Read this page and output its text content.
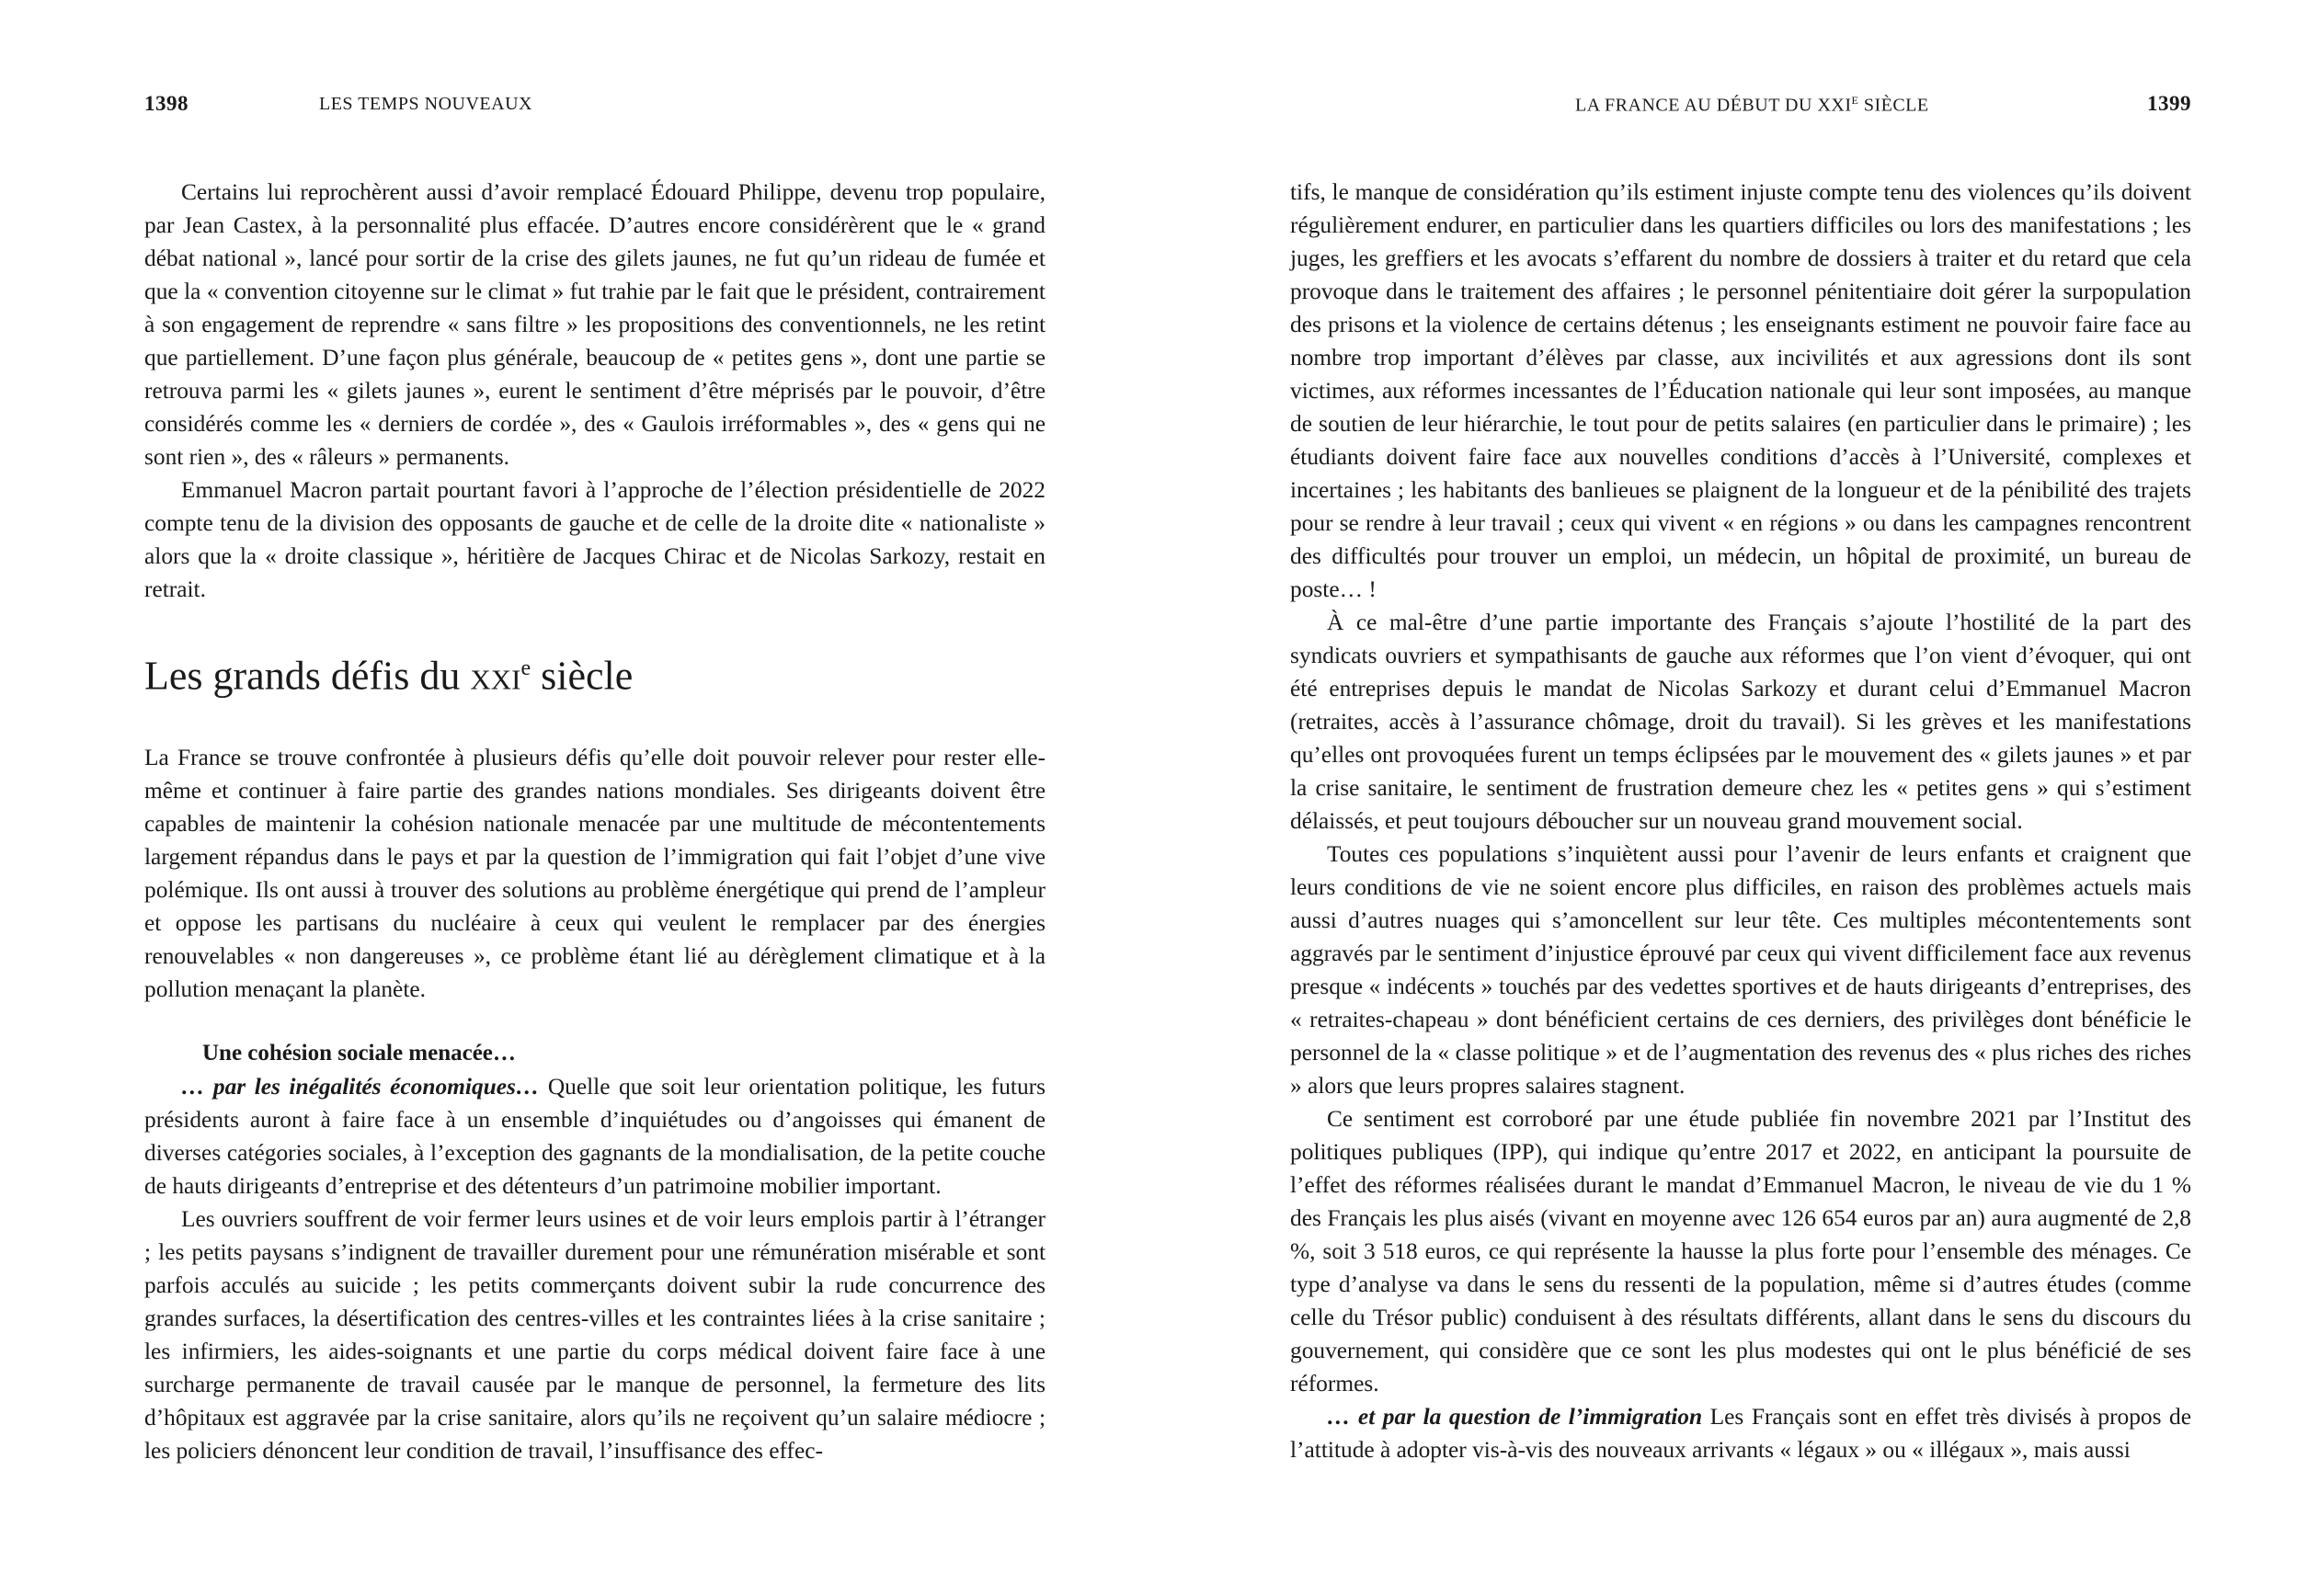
1398	LES TEMPS NOUVEAUX

Certains lui reprochèrent aussi d’avoir remplacé Édouard Philippe, devenu trop populaire, par Jean Castex, à la personnalité plus effacée. D’autres encore considérèrent que le « grand débat national », lancé pour sortir de la crise des gilets jaunes, ne fut qu’un rideau de fumée et que la « convention citoyenne sur le climat » fut trahie par le fait que le président, contrairement à son engagement de reprendre « sans filtre » les propositions des conventionnels, ne les retint que partiellement. D’une façon plus générale, beaucoup de « petites gens », dont une partie se retrouva parmi les « gilets jaunes », eurent le sentiment d’être méprisés par le pouvoir, d’être considérés comme les « derniers de cordée », des « Gaulois irréformables », des « gens qui ne sont rien », des « râleurs » permanents.

Emmanuel Macron partait pourtant favori à l’approche de l’élection présidentielle de 2022 compte tenu de la division des opposants de gauche et de celle de la droite dite « nationaliste » alors que la « droite classique », héritière de Jacques Chirac et de Nicolas Sarkozy, restait en retrait.

Les grands défis du xxi$^e$ siècle

La France se trouve confrontée à plusieurs défis qu’elle doit pouvoir relever pour rester elle-même et continuer à faire partie des grandes nations mondiales. Ses dirigeants doivent être capables de maintenir la cohésion nationale menacée par une multitude de mécontentements largement répandus dans le pays et par la question de l’immigration qui fait l’objet d’une vive polémique. Ils ont aussi à trouver des solutions au problème énergétique qui prend de l’ampleur et oppose les partisans du nucléaire à ceux qui veulent le remplacer par des énergies renouvelables « non dangereuses », ce problème étant lié au dérèglement climatique et à la pollution menaçant la planète.

Une cohésion sociale menacée…

… par les inégalités économiques… Quelle que soit leur orientation politique, les futurs présidents auront à faire face à un ensemble d’inquiétudes ou d’angoisses qui émanent de diverses catégories sociales, à l’exception des gagnants de la mondialisation, de la petite couche de hauts dirigeants d’entreprise et des détenteurs d’un patrimoine mobilier important.

Les ouvriers souffrent de voir fermer leurs usines et de voir leurs emplois partir à l’étranger ; les petits paysans s’indignent de travailler durement pour une rémunération misérable et sont parfois acculés au suicide ; les petits commerçants doivent subir la rude concurrence des grandes surfaces, la désertification des centres-villes et les contraintes liées à la crise sanitaire ; les infirmiers, les aides-soignants et une partie du corps médical doivent faire face à une surcharge permanente de travail causée par le manque de personnel, la fermeture des lits d’hôpitaux est aggravée par la crise sanitaire, alors qu’ils ne reçoivent qu’un salaire médiocre ; les policiers dénoncent leur condition de travail, l’insuffisance des effec-

LA FRANCE AU DÉBUT DU $XXI^E$ SIÈCLE	1399

tifs, le manque de considération qu’ils estiment injuste compte tenu des violences qu’ils doivent régulièrement endurer, en particulier dans les quartiers difficiles ou lors des manifestations ; les juges, les greffiers et les avocats s’effarent du nombre de dossiers à traiter et du retard que cela provoque dans le traitement des affaires ; le personnel pénitentiaire doit gérer la surpopulation des prisons et la violence de certains détenus ; les enseignants estiment ne pouvoir faire face au nombre trop important d’élèves par classe, aux incivilités et aux agressions dont ils sont victimes, aux réformes incessantes de l’Éducation nationale qui leur sont imposées, au manque de soutien de leur hiérarchie, le tout pour de petits salaires (en particulier dans le primaire) ; les étudiants doivent faire face aux nouvelles conditions d’accès à l’Université, complexes et incertaines ; les habitants des banlieues se plaignent de la longueur et de la pénibilité des trajets pour se rendre à leur travail ; ceux qui vivent « en régions » ou dans les campagnes rencontrent des difficultés pour trouver un emploi, un médecin, un hôpital de proximité, un bureau de poste… !

À ce mal-être d’une partie importante des Français s’ajoute l’hostilité de la part des syndicats ouvriers et sympathisants de gauche aux réformes que l’on vient d’évoquer, qui ont été entreprises depuis le mandat de Nicolas Sarkozy et durant celui d’Emmanuel Macron (retraites, accès à l’assurance chômage, droit du travail). Si les grèves et les manifestations qu’elles ont provoquées furent un temps éclipsées par le mouvement des « gilets jaunes » et par la crise sanitaire, le sentiment de frustration demeure chez les « petites gens » qui s’estiment délaissés, et peut toujours déboucher sur un nouveau grand mouvement social.

Toutes ces populations s’inquiètent aussi pour l’avenir de leurs enfants et craignent que leurs conditions de vie ne soient encore plus difficiles, en raison des problèmes actuels mais aussi d’autres nuages qui s’amoncellent sur leur tête. Ces multiples mécontentements sont aggravés par le sentiment d’injustice éprouvé par ceux qui vivent difficilement face aux revenus presque « indécents » touchés par des vedettes sportives et de hauts dirigeants d’entreprises, des « retraites-chapeau » dont bénéficient certains de ces derniers, des privilèges dont bénéficie le personnel de la « classe politique » et de l’augmentation des revenus des « plus riches des riches » alors que leurs propres salaires stagnent.

Ce sentiment est corroboré par une étude publiée fin novembre 2021 par l’Institut des politiques publiques (IPP), qui indique qu’entre 2017 et 2022, en anticipant la poursuite de l’effet des réformes réalisées durant le mandat d’Emmanuel Macron, le niveau de vie du 1 % des Français les plus aisés (vivant en moyenne avec 126 654 euros par an) aura augmenté de 2,8 %, soit 3 518 euros, ce qui représente la hausse la plus forte pour l’ensemble des ménages. Ce type d’analyse va dans le sens du ressenti de la population, même si d’autres études (comme celle du Trésor public) conduisent à des résultats différents, allant dans le sens du discours du gouvernement, qui considère que ce sont les plus modestes qui ont le plus bénéficié de ses réformes.

… et par la question de l’immigration Les Français sont en effet très divisés à propos de l’attitude à adopter vis-à-vis des nouveaux arrivants « légaux » ou « illégaux », mais aussi
